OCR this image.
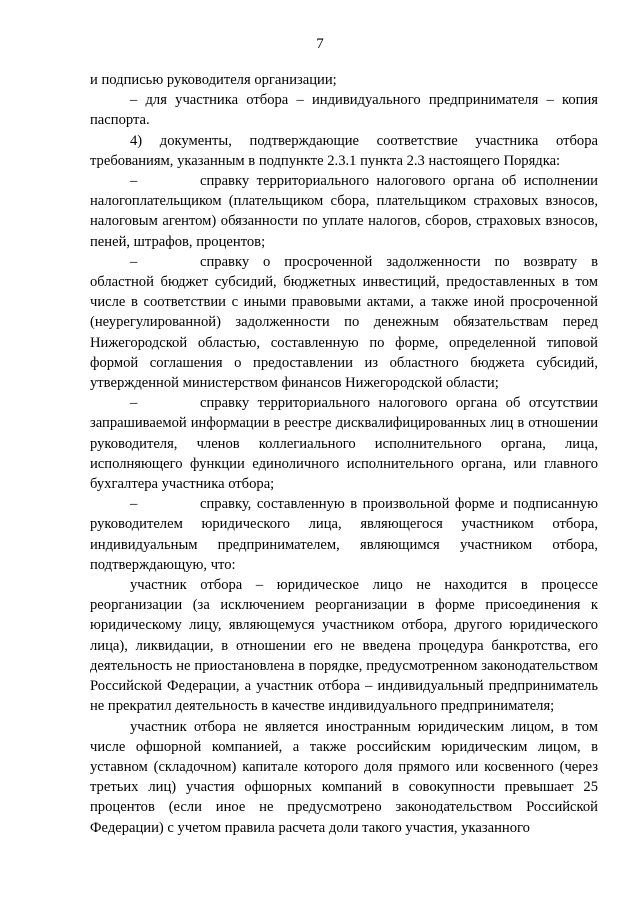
7

и подписью руководителя организации;

– для участника отбора – индивидуального предпринимателя – копия паспорта.

4) документы, подтверждающие соответствие участника отбора требованиям, указанным в подпункте 2.3.1 пункта 2.3 настоящего Порядка:

–	справку территориального налогового органа об исполнении налогоплательщиком (плательщиком сбора, плательщиком страховых взносов, налоговым агентом) обязанности по уплате налогов, сборов, страховых взносов, пеней, штрафов, процентов;

–	справку о просроченной задолженности по возврату в областной бюджет субсидий, бюджетных инвестиций, предоставленных в том числе в соответствии с иными правовыми актами, а также иной просроченной (неурегулированной) задолженности по денежным обязательствам перед Нижегородской областью, составленную по форме, определенной типовой формой соглашения о предоставлении из областного бюджета субсидий, утвержденной министерством финансов Нижегородской области;

–	справку территориального налогового органа об отсутствии запрашиваемой информации в реестре дисквалифицированных лиц в отношении руководителя, членов коллегиального исполнительного органа, лица, исполняющего функции единоличного исполнительного органа, или главного бухгалтера участника отбора;

–	справку, составленную в произвольной форме и подписанную руководителем юридического лица, являющегося участником отбора, индивидуальным предпринимателем, являющимся участником отбора, подтверждающую, что:

участник отбора – юридическое лицо не находится в процессе реорганизации (за исключением реорганизации в форме присоединения к юридическому лицу, являющемуся участником отбора, другого юридического лица), ликвидации, в отношении его не введена процедура банкротства, его деятельность не приостановлена в порядке, предусмотренном законодательством Российской Федерации, а участник отбора – индивидуальный предприниматель не прекратил деятельность в качестве индивидуального предпринимателя;

участник отбора не является иностранным юридическим лицом, в том числе офшорной компанией, а также российским юридическим лицом, в уставном (складочном) капитале которого доля прямого или косвенного (через третьих лиц) участия офшорных компаний в совокупности превышает 25 процентов (если иное не предусмотрено законодательством Российской Федерации) с учетом правила расчета доли такого участия, указанного
